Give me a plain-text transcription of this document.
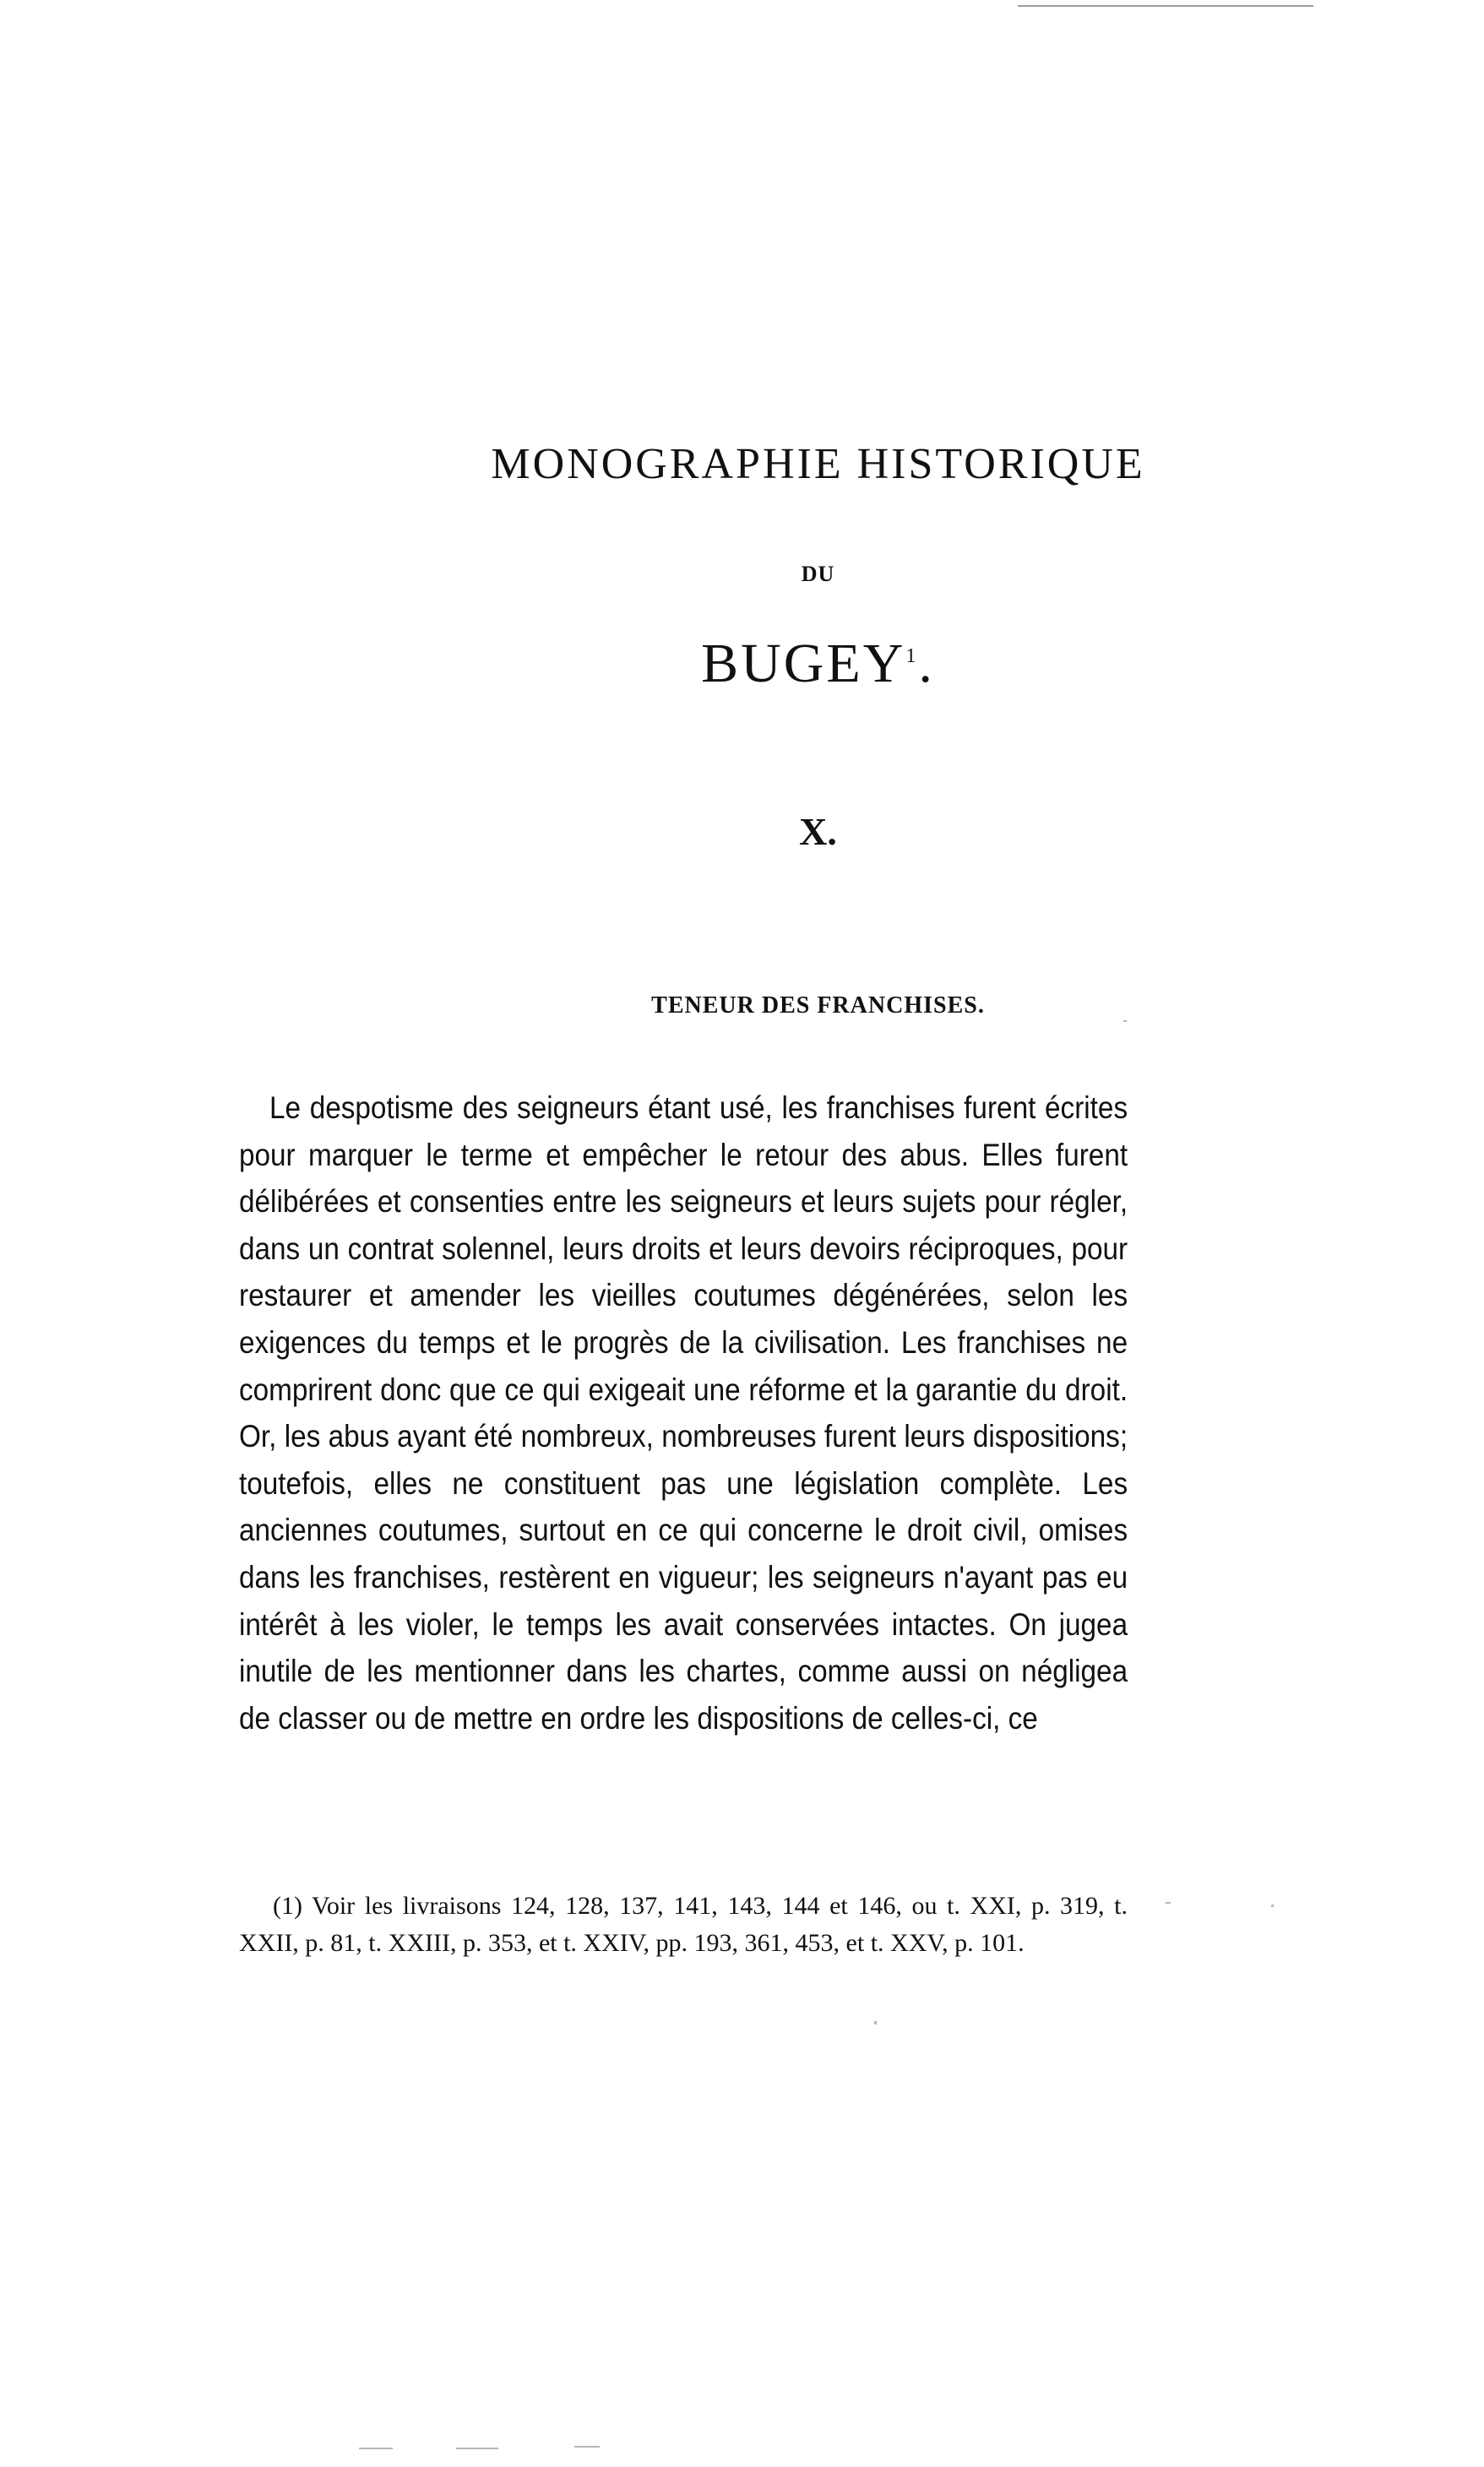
MONOGRAPHIE HISTORIQUE
DU
BUGEY$^1$.
X.
TENEUR DES FRANCHISES.

Le despotisme des seigneurs étant usé, les franchises furent écrites pour marquer le terme et empêcher le retour des abus. Elles furent délibérées et consenties entre les seigneurs et leurs sujets pour régler, dans un contrat solennel, leurs droits et leurs devoirs réciproques, pour restaurer et amender les vieilles coutumes dégénérées, selon les exigences du temps et le progrès de la civilisation. Les franchises ne comprirent donc que ce qui exigeait une réforme et la garantie du droit. Or, les abus ayant été nombreux, nombreuses furent leurs dispositions; toutefois, elles ne constituent pas une législation complète. Les anciennes coutumes, surtout en ce qui concerne le droit civil, omises dans les franchises, restèrent en vigueur; les seigneurs n'ayant pas eu intérêt à les violer, le temps les avait conservées intactes. On jugea inutile de les mentionner dans les chartes, comme aussi on négligea de classer ou de mettre en ordre les dispositions de celles-ci, ce

(1) Voir les livraisons 124, 128, 137, 141, 143, 144 et 146, ou t. XXI, p. 319, t. XXII, p. 81, t. XXIII, p. 353, et t. XXIV, pp. 193, 361, 453, et t. XXV, p. 101.
